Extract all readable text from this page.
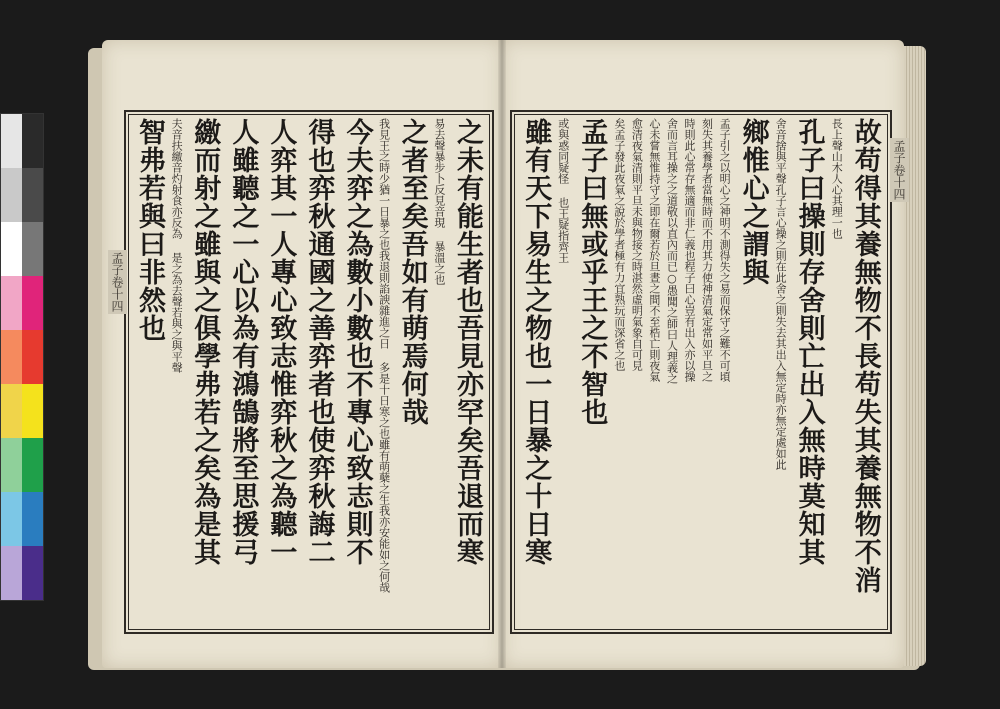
孟子卷十四
孟子卷十四
智弗若與曰非然也 夫音扶繳音灼射食亦反為 是之為去聲若與之與平聲 繳而射之雖與之俱學弗若之矣為是其 人雖聽之一心以為有鴻鵠將至思援弓 人弈其一人專心致志惟弈秋之為聽一 得也弈秋通國之善弈者也使弈秋誨二 今夫弈之為數小數也不專心致志則不 我見王之時少猶一日暴之也我退則諂諛雜進之日 多是十日寒之也雖有萌蘖之生我亦安能如之何哉 之者至矣吾如有萌焉何哉 易去聲暴步卜反見音現 暴溫之也 之未有能生者也吾見亦罕矣吾退而寒 雖有天下易生之物也一日暴之十日寒 或與惑同疑怪 也王疑指齊王 孟子曰無或乎王之不智也 矣孟子發此夜氣之說於學者極有力宜熟玩而深省之也 愈清夜氣清則平旦未與物接之時湛然虛明氣象自可見 心未嘗無惟持守之即在爾若於旦晝之間不至梏亡則夜氣 舍而言耳操之之道敬以直內而已○愚聞之師曰人理義之 時則此心常存無適而非仁義也程子曰心豈有出入亦以操 刻失其養學者當無時而不用其力使神清氣定常如平旦之 孟子引之以明心之神明不測得失之易而保守之難不可頃 鄉惟心之謂與 舍音捨與平聲孔子言心操之則在此舍之則失去其出入無定時亦無定處如此 孔子曰操則存舍則亡出入無時莫知其 長上聲山木人心其理一也 故苟得其養無物不長苟失其養無物不消
